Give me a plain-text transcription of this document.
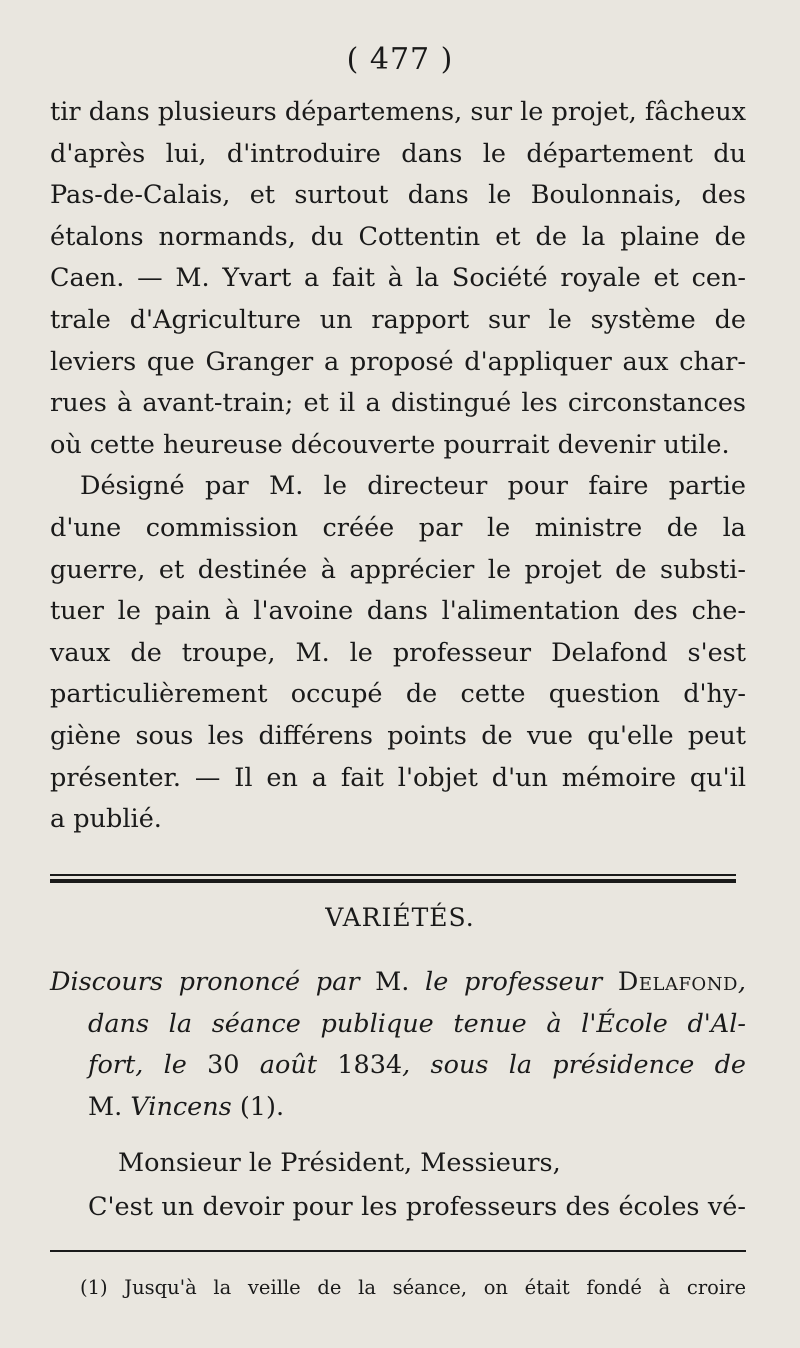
( 477 )
tir dans plusieurs départemens, sur le projet, fâcheux
d'après lui, d'introduire dans le département du
Pas-de-Calais, et surtout dans le Boulonnais, des
étalons normands, du Cottentin et de la plaine de
Caen. — M. Yvart a fait à la Société royale et cen-
trale d'Agriculture un rapport sur le système de
leviers que Granger a proposé d'appliquer aux char-
rues à avant-train; et il a distingué les circonstances
où cette heureuse découverte pourrait devenir utile.
Désigné par M. le directeur pour faire partie
d'une commission créée par le ministre de la
guerre, et destinée à apprécier le projet de substi-
tuer le pain à l'avoine dans l'alimentation des che-
vaux de troupe, M. le professeur Delafond s'est
particulièrement occupé de cette question d'hy-
giène sous les différens points de vue qu'elle peut
présenter. — Il en a fait l'objet d'un mémoire qu'il
a publié.
VARIÉTÉS.
Discours prononcé par M. le professeur Delafond,
dans la séance publique tenue à l'École d'Al-
fort, le 30 août 1834, sous la présidence de
M. Vincens (1).
Monsieur le Président, Messieurs,
C'est un devoir pour les professeurs des écoles vé-
(1) Jusqu'à la veille de la séance, on était fondé à croire
